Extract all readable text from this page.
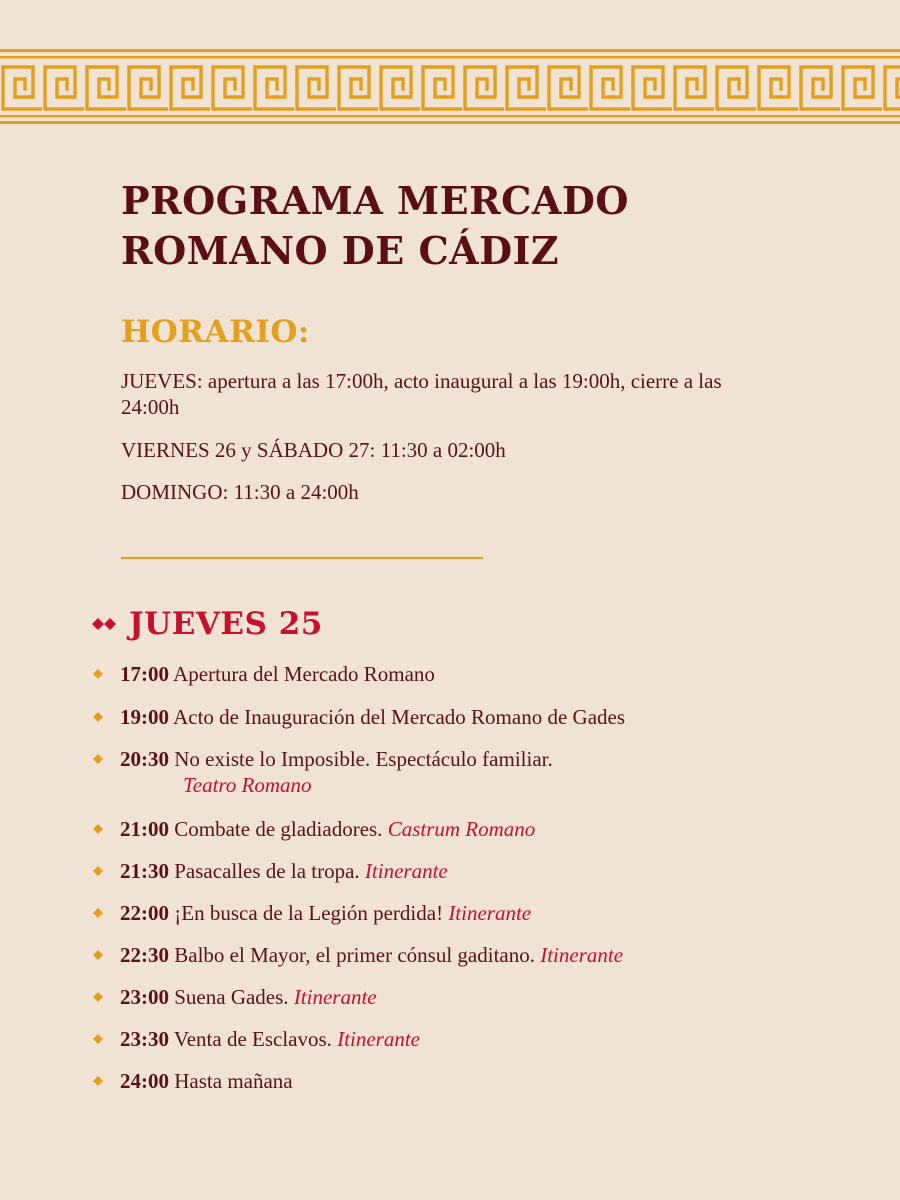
PROGRAMA MERCADO ROMANO DE CÁDIZ
HORARIO:

JUEVES: apertura a las 17:00h, acto inaugural a las 19:00h, cierre a las 24:00h

VIERNES 26 y SÁBADO 27: 11:30 a 02:00h

DOMINGO: 11:30 a 24:00h

JUEVES 25
17:00 Apertura del Mercado Romano
19:00 Acto de Inauguración del Mercado Romano de Gades
20:30 No existe lo Imposible. Espectáculo familiar.
Teatro Romano
21:00 Combate de gladiadores. Castrum Romano
21:30 Pasacalles de la tropa. Itinerante
22:00 ¡En busca de la Legión perdida! Itinerante
22:30 Balbo el Mayor, el primer cónsul gaditano. Itinerante
23:00 Suena Gades. Itinerante
23:30 Venta de Esclavos. Itinerante
24:00 Hasta mañana
